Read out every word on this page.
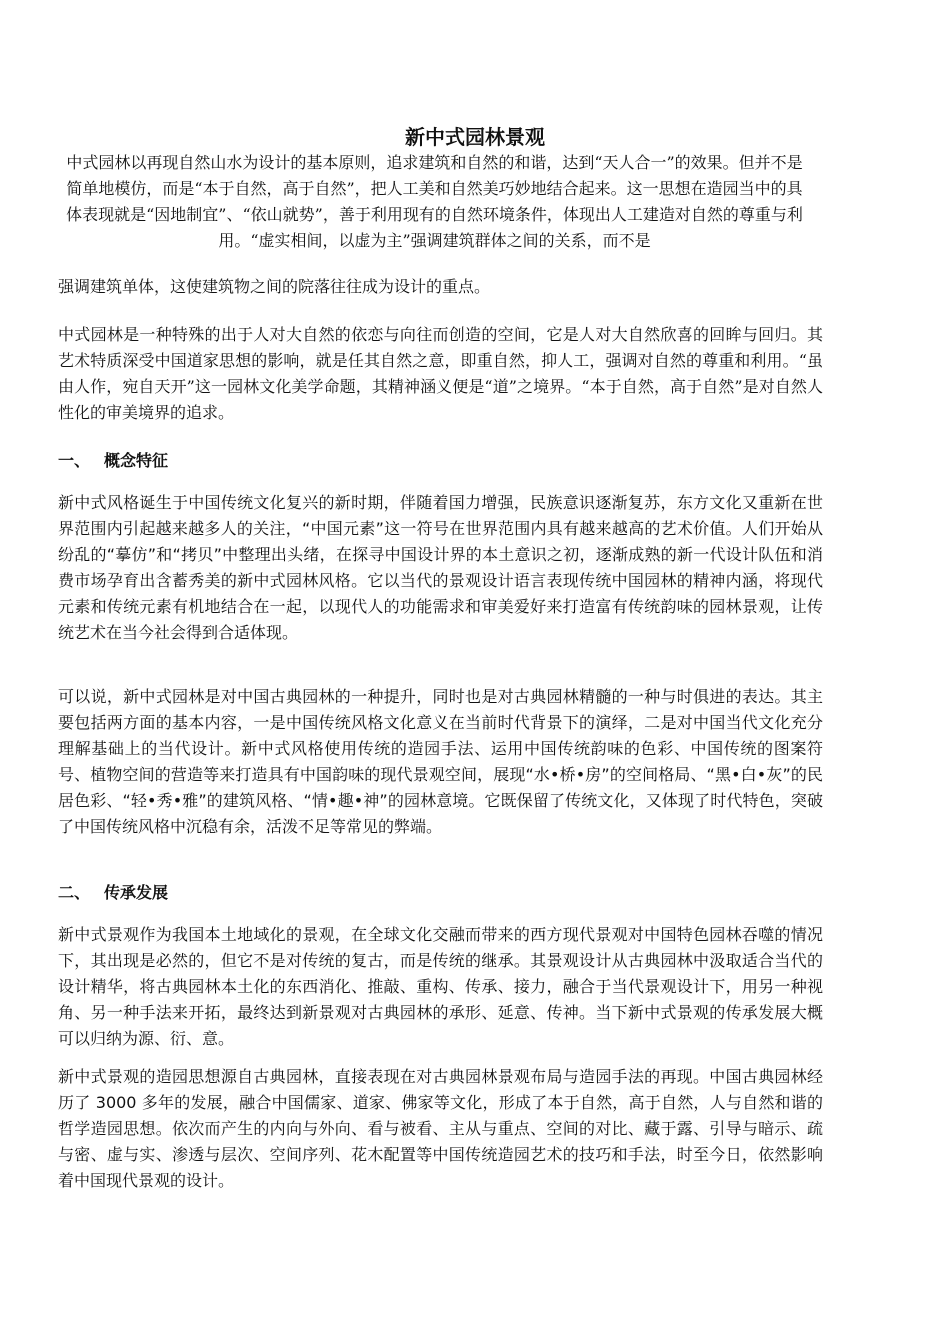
新中式园林景观
中式园林以再现自然山水为设计的基本原则，追求建筑和自然的和谐，达到“天人合一”的效果。但并不是简单地模仿，而是“本于自然，高于自然”，把人工美和自然美巧妙地结合起来。这一思想在造园当中的具体表现就是“因地制宜”、“依山就势”，善于利用现有的自然环境条件，体现出人工建造对自然的尊重与利用。“虚实相间，以虚为主”强调建筑群体之间的关系，而不是
强调建筑单体，这使建筑物之间的院落往往成为设计的重点。

中式园林是一种特殊的出于人对大自然的依恋与向往而创造的空间，它是人对大自然欣喜的回眸与回归。其艺术特质深受中国道家思想的影响，就是任其自然之意，即重自然，抑人工，强调对自然的尊重和利用。“虽由人作，宛自天开”这一园林文化美学命题，其精神涵义便是“道”之境界。“本于自然，高于自然”是对自然人性化的审美境界的追求。

一、 概念特征

新中式风格诞生于中国传统文化复兴的新时期，伴随着国力增强，民族意识逐渐复苏，东方文化又重新在世界范围内引起越来越多人的关注，“中国元素”这一符号在世界范围内具有越来越高的艺术价值。人们开始从纷乱的“摹仿”和“拷贝”中整理出头绪，在探寻中国设计界的本土意识之初，逐渐成熟的新一代设计队伍和消费市场孕育出含蓄秀美的新中式园林风格。它以当代的景观设计语言表现传统中国园林的精神内涵，将现代元素和传统元素有机地结合在一起，以现代人的功能需求和审美爱好来打造富有传统韵味的园林景观，让传统艺术在当今社会得到合适体现。

可以说，新中式园林是对中国古典园林的一种提升，同时也是对古典园林精髓的一种与时俱进的表达。其主要包括两方面的基本内容，一是中国传统风格文化意义在当前时代背景下的演绎，二是对中国当代文化充分理解基础上的当代设计。新中式风格使用传统的造园手法、运用中国传统韵味的色彩、中国传统的图案符号、植物空间的营造等来打造具有中国韵味的现代景观空间，展现“水•桥•房”的空间格局、“黑•白•灰”的民居色彩、“轻•秀•雅”的建筑风格、“情•趣•神”的园林意境。它既保留了传统文化，又体现了时代特色，突破了中国传统风格中沉稳有余，活泼不足等常见的弊端。

二、 传承发展

新中式景观作为我国本土地域化的景观，在全球文化交融而带来的西方现代景观对中国特色园林吞噬的情况下，其出现是必然的，但它不是对传统的复古，而是传统的继承。其景观设计从古典园林中汲取适合当代的设计精华，将古典园林本土化的东西消化、推敲、重构、传承、接力，融合于当代景观设计下，用另一种视角、另一种手法来开拓，最终达到新景观对古典园林的承形、延意、传神。当下新中式景观的传承发展大概可以归纳为源、衍、意。

新中式景观的造园思想源自古典园林，直接表现在对古典园林景观布局与造园手法的再现。中国古典园林经历了 3000 多年的发展，融合中国儒家、道家、佛家等文化，形成了本于自然，高于自然，人与自然和谐的哲学造园思想。依次而产生的内向与外向、看与被看、主从与重点、空间的对比、藏于露、引导与暗示、疏与密、虚与实、渗透与层次、空间序列、花木配置等中国传统造园艺术的技巧和手法，时至今日，依然影响着中国现代景观的设计。
